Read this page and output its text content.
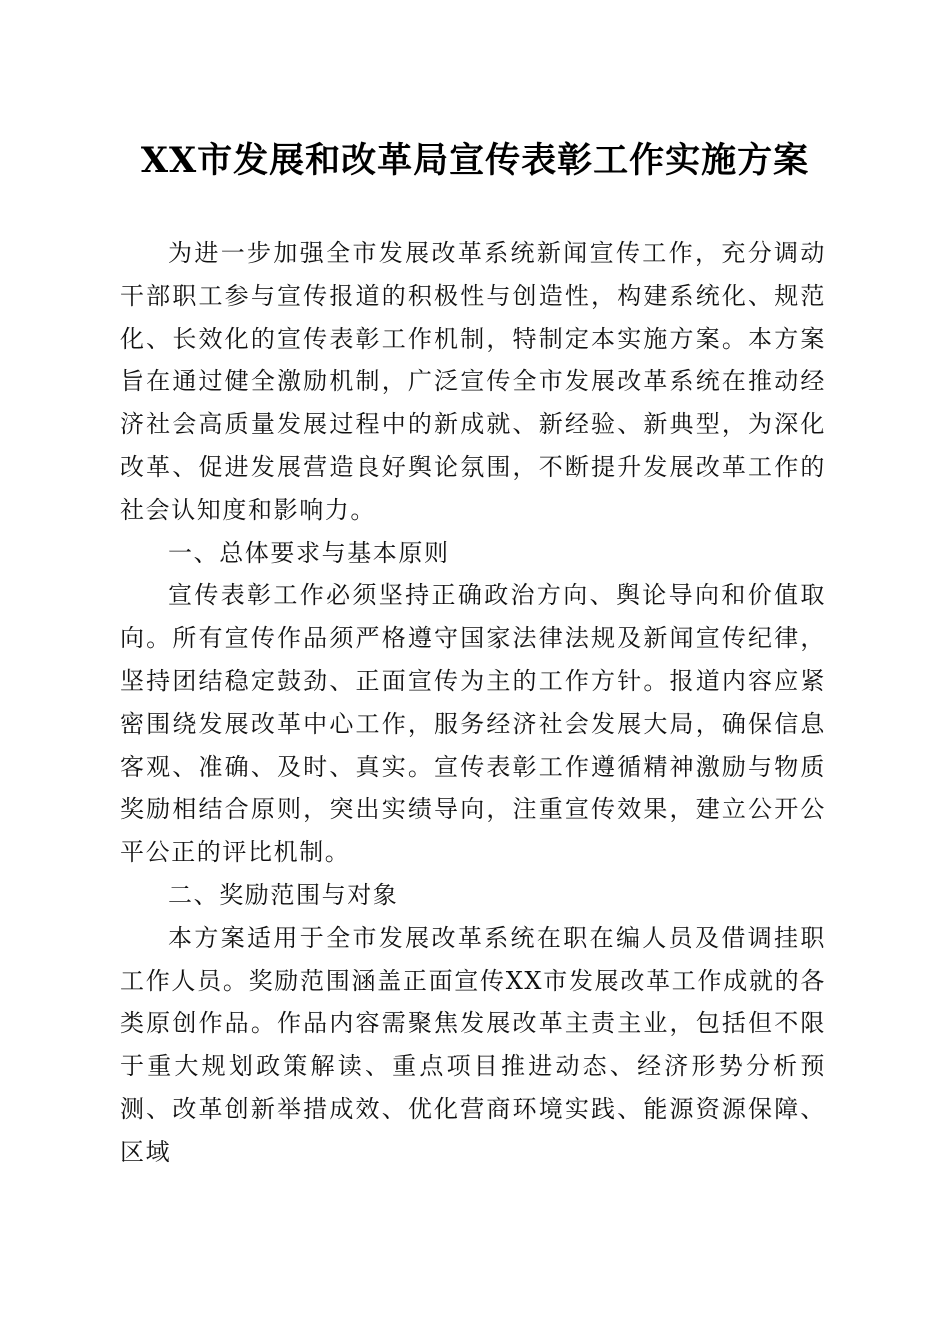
XX市发展和改革局宣传表彰工作实施方案

为进一步加强全市发展改革系统新闻宣传工作，充分调动干部职工参与宣传报道的积极性与创造性，构建系统化、规范化、长效化的宣传表彰工作机制，特制定本实施方案。本方案旨在通过健全激励机制，广泛宣传全市发展改革系统在推动经济社会高质量发展过程中的新成就、新经验、新典型，为深化改革、促进发展营造良好舆论氛围，不断提升发展改革工作的社会认知度和影响力。

一、总体要求与基本原则

宣传表彰工作必须坚持正确政治方向、舆论导向和价值取向。所有宣传作品须严格遵守国家法律法规及新闻宣传纪律，坚持团结稳定鼓劲、正面宣传为主的工作方针。报道内容应紧密围绕发展改革中心工作，服务经济社会发展大局，确保信息客观、准确、及时、真实。宣传表彰工作遵循精神激励与物质奖励相结合原则，突出实绩导向，注重宣传效果，建立公开公平公正的评比机制。

二、奖励范围与对象

本方案适用于全市发展改革系统在职在编人员及借调挂职工作人员。奖励范围涵盖正面宣传XX市发展改革工作成就的各类原创作品。作品内容需聚焦发展改革主责主业，包括但不限于重大规划政策解读、重点项目推进动态、经济形势分析预测、改革创新举措成效、优化营商环境实践、能源资源保障、区域
